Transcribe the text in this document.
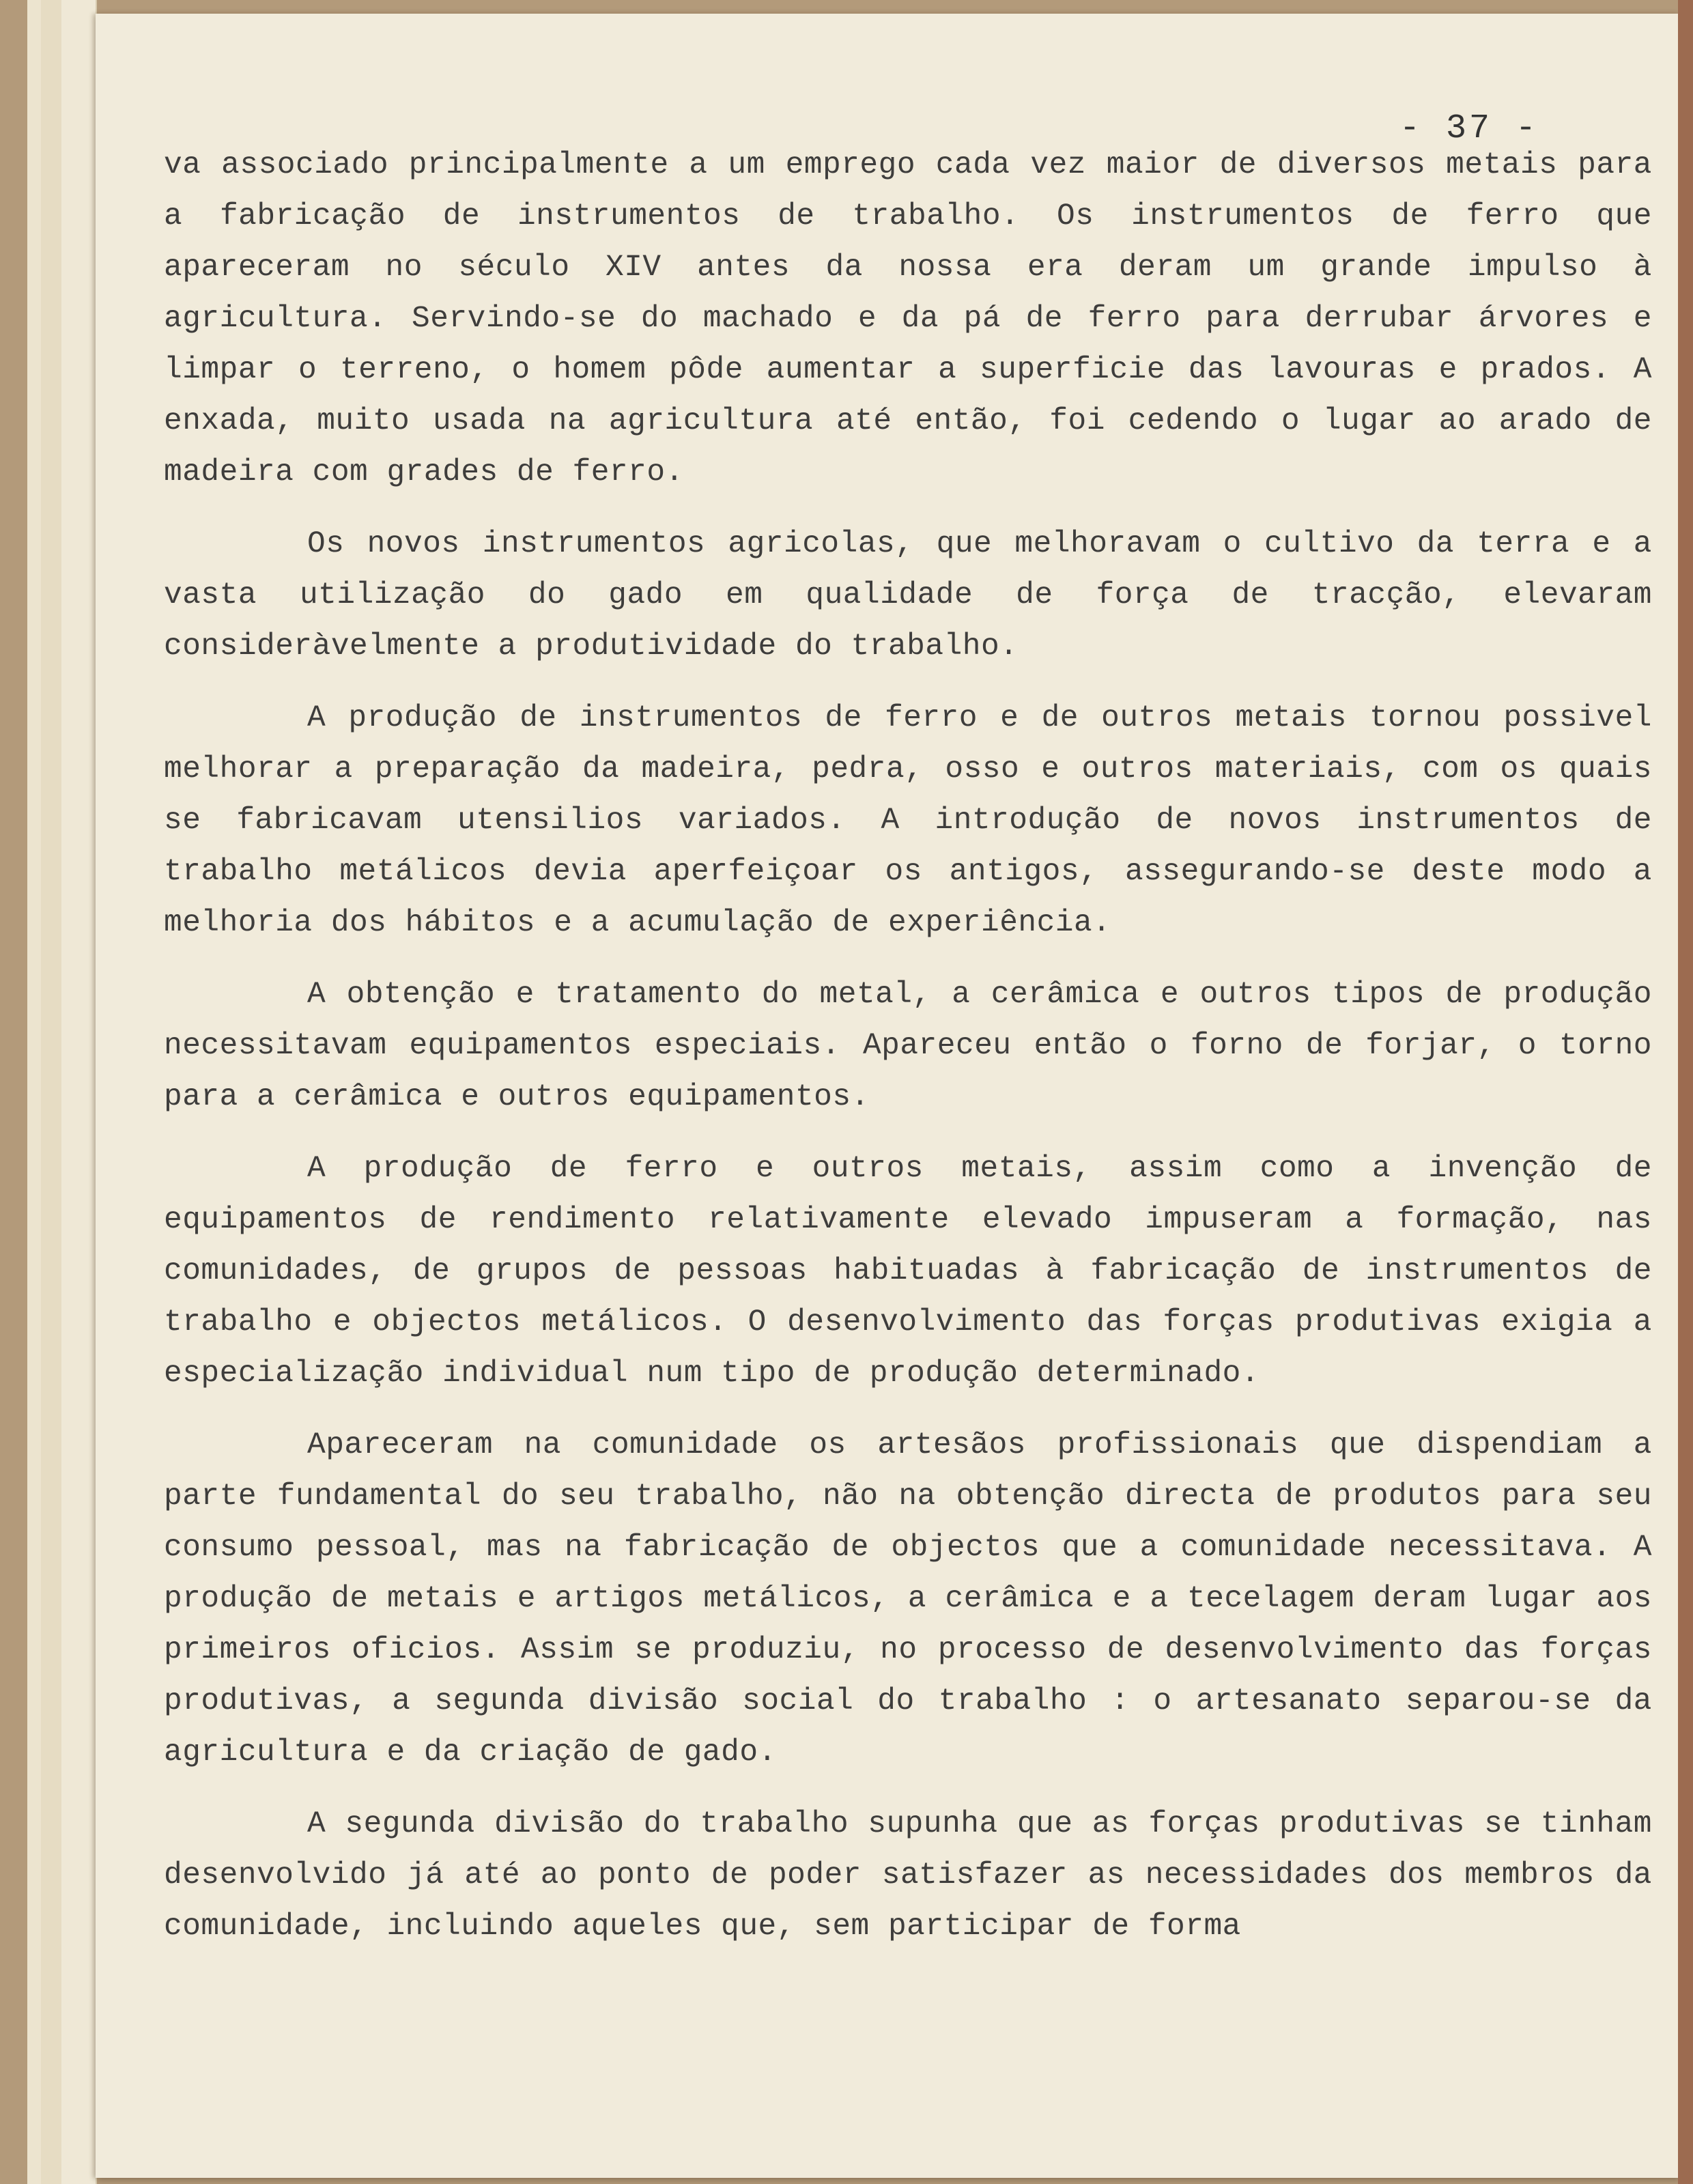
- 37 -

va associado principalmente a um emprego cada vez maior de diversos metais para a fabricação de instrumentos de trabalho. Os instrumentos de ferro que apareceram no século XIV antes da nossa era deram um grande impulso à agricultura. Servindo-se do machado e da pá de ferro para derrubar árvores e limpar o terreno, o homem pôde aumentar a superficie das lavouras e prados. A enxada, muito usada na agricultura até então, foi cedendo o lugar ao arado de madeira com grades de ferro.

Os novos instrumentos agricolas, que melhoravam o cultivo da terra e a vasta utilização do gado em qualidade de força de tracção, elevaram consideràvelmente a produtividade do trabalho.

A produção de instrumentos de ferro e de outros metais tornou possivel melhorar a preparação da madeira, pedra, osso e outros materiais, com os quais se fabricavam utensilios variados. A introdução de novos instrumentos de trabalho metálicos devia aperfeiçoar os antigos, assegurando-se deste modo a melhoria dos hábitos e a acumulação de experiência.

A obtenção e tratamento do metal, a cerâmica e outros tipos de produção necessitavam equipamentos especiais. Apareceu então o forno de forjar, o torno para a cerâmica e outros equipamentos.

A produção de ferro e outros metais, assim como a invenção de equipamentos de rendimento relativamente elevado impuseram a formação, nas comunidades, de grupos de pessoas habituadas à fabricação de instrumentos de trabalho e objectos metálicos. O desenvolvimento das forças produtivas exigia a especialização individual num tipo de produção determinado.

Apareceram na comunidade os artesãos profissionais que dispendiam a parte fundamental do seu trabalho, não na obtenção directa de produtos para seu consumo pessoal, mas na fabricação de objectos que a comunidade necessitava. A produção de metais e artigos metálicos, a cerâmica e a tecelagem deram lugar aos primeiros oficios. Assim se produziu, no processo de desenvolvimento das forças produtivas, a segunda divisão social do trabalho : o artesanato separou-se da agricultura e da criação de gado.

A segunda divisão do trabalho supunha que as forças produtivas se tinham desenvolvido já até ao ponto de poder satisfazer as necessidades dos membros da comunidade, incluindo aqueles que, sem participar de forma
